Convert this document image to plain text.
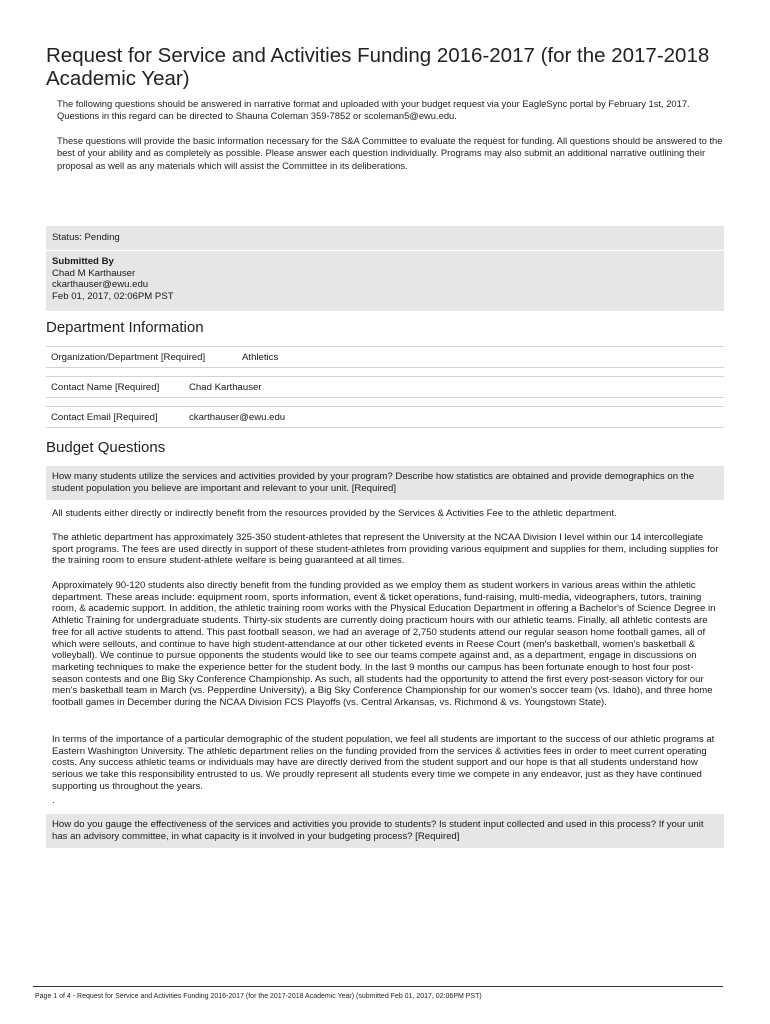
Request for Service and Activities Funding 2016-2017 (for the 2017-2018 Academic Year)
The following questions should be answered in narrative format and uploaded with your budget request via your EagleSync portal by February 1st, 2017. Questions in this regard can be directed to Shauna Coleman 359-7852 or scoleman5@ewu.edu.
These questions will provide the basic information necessary for the S&A Committee to evaluate the request for funding. All questions should be answered to the best of your ability and as completely as possible. Please answer each question individually. Programs may also submit an additional narrative outlining their proposal as well as any materials which will assist the Committee in its deliberations.
Status: Pending
Submitted By
Chad M Karthauser
ckarthauser@ewu.edu
Feb 01, 2017, 02:06PM PST
Department Information
Organization/Department [Required]	Athletics
Contact Name [Required]	Chad Karthauser
Contact Email [Required]	ckarthauser@ewu.edu
Budget Questions
How many students utilize the services and activities provided by your program? Describe how statistics are obtained and provide demographics on the student population you believe are important and relevant to your unit. [Required]
All students either directly or indirectly benefit from the resources provided by the Services & Activities Fee to the athletic department.
The athletic department has approximately 325-350 student-athletes that represent the University at the NCAA Division I level within our 14 intercollegiate sport programs. The fees are used directly in support of these student-athletes from providing various equipment and supplies for them, including supplies for the training room to ensure student-athlete welfare is being guaranteed at all times.
Approximately 90-120 students also directly benefit from the funding provided as we employ them as student workers in various areas within the athletic department. These areas include: equipment room, sports information, event & ticket operations, fund-raising, multi-media, videographers, tutors, training room, & academic support. In addition, the athletic training room works with the Physical Education Department in offering a Bachelor's of Science Degree in Athletic Training for undergraduate students. Thirty-six students are currently doing practicum hours with our athletic teams. Finally, all athletic contests are free for all active students to attend. This past football season, we had an average of 2,750 students attend our regular season home football games, all of which were sellouts, and continue to have high student-attendance at our other ticketed events in Reese Court (men's basketball, women's basketball & volleyball). We continue to pursue opponents the students would like to see our teams compete against and, as a department, engage in discussions on marketing techniques to make the experience better for the student body. In the last 9 months our campus has been fortunate enough to host four post-season contests and one Big Sky Conference Championship. As such, all students had the opportunity to attend the first every post-season victory for our men's basketball team in March (vs. Pepperdine University), a Big Sky Conference Championship for our women's soccer team (vs. Idaho), and three home football games in December during the NCAA Division FCS Playoffs (vs. Central Arkansas, vs. Richmond & vs. Youngstown State).
In terms of the importance of a particular demographic of the student population, we feel all students are important to the success of our athletic programs at Eastern Washington University. The athletic department relies on the funding provided from the services & activities fees in order to meet current operating costs. Any success athletic teams or individuals may have are directly derived from the student support and our hope is that all students understand how serious we take this responsibility entrusted to us. We proudly represent all students every time we compete in any endeavor, just as they have continued supporting us throughout the years.
.
How do you gauge the effectiveness of the services and activities you provide to students? Is student input collected and used in this process? If your unit has an advisory committee, in what capacity is it involved in your budgeting process? [Required]
Page 1 of 4 - Request for Service and Activities Funding 2016-2017 (for the 2017-2018 Academic Year) (submitted Feb 01, 2017, 02:06PM PST)
